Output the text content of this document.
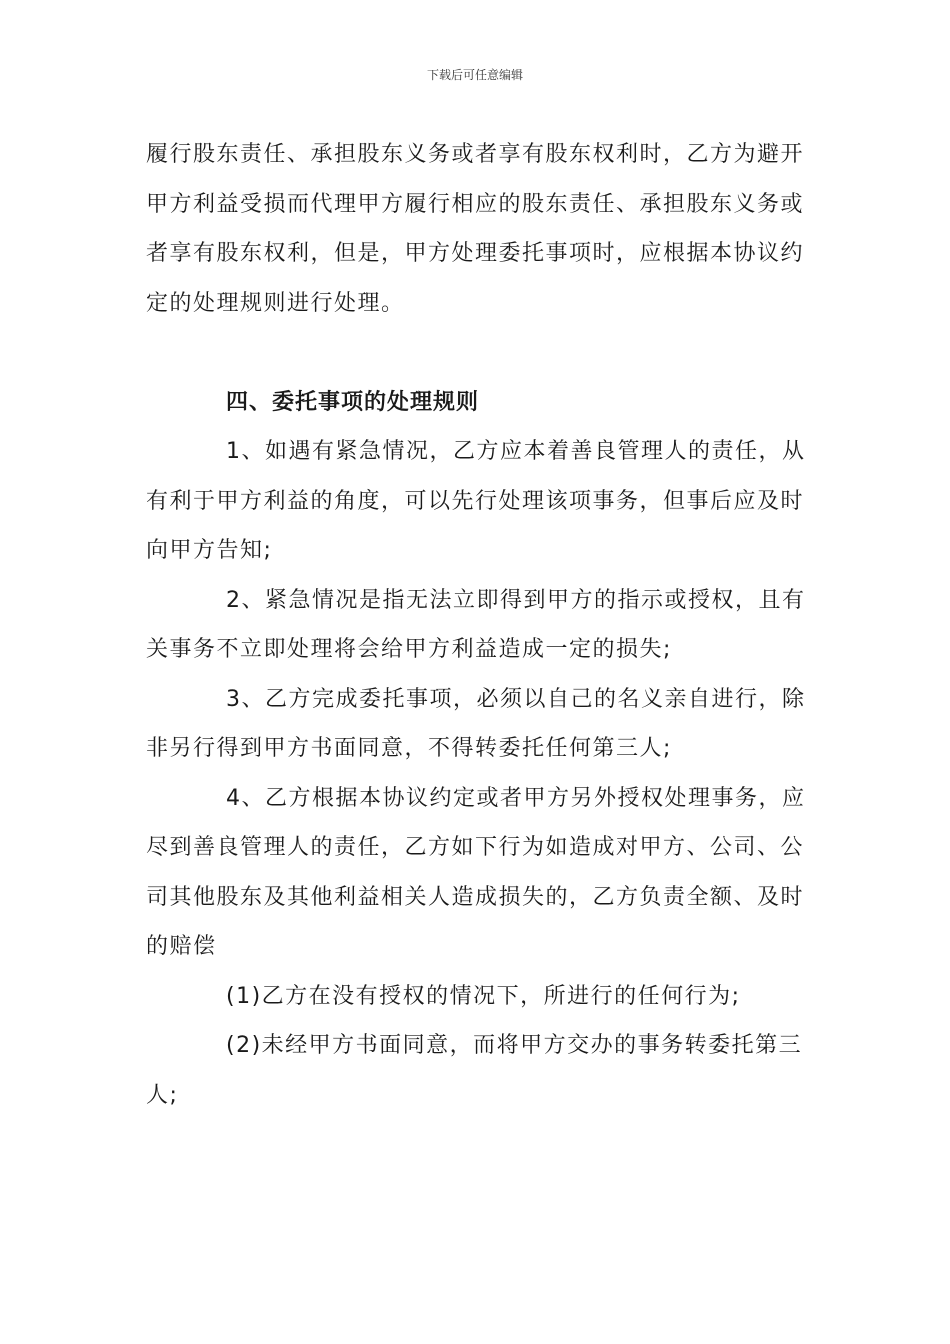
下载后可任意编辑

履行股东责任、承担股东义务或者享有股东权利时，乙方为避开甲方利益受损而代理甲方履行相应的股东责任、承担股东义务或者享有股东权利，但是，甲方处理委托事项时，应根据本协议约定的处理规则进行处理。

四、委托事项的处理规则

1、如遇有紧急情况，乙方应本着善良管理人的责任，从有利于甲方利益的角度，可以先行处理该项事务，但事后应及时向甲方告知;

2、紧急情况是指无法立即得到甲方的指示或授权，且有关事务不立即处理将会给甲方利益造成一定的损失;

3、乙方完成委托事项，必须以自己的名义亲自进行，除非另行得到甲方书面同意，不得转委托任何第三人;

4、乙方根据本协议约定或者甲方另外授权处理事务，应尽到善良管理人的责任，乙方如下行为如造成对甲方、公司、公司其他股东及其他利益相关人造成损失的，乙方负责全额、及时的赔偿

(1)乙方在没有授权的情况下，所进行的任何行为;

(2)未经甲方书面同意，而将甲方交办的事务转委托第三人;
